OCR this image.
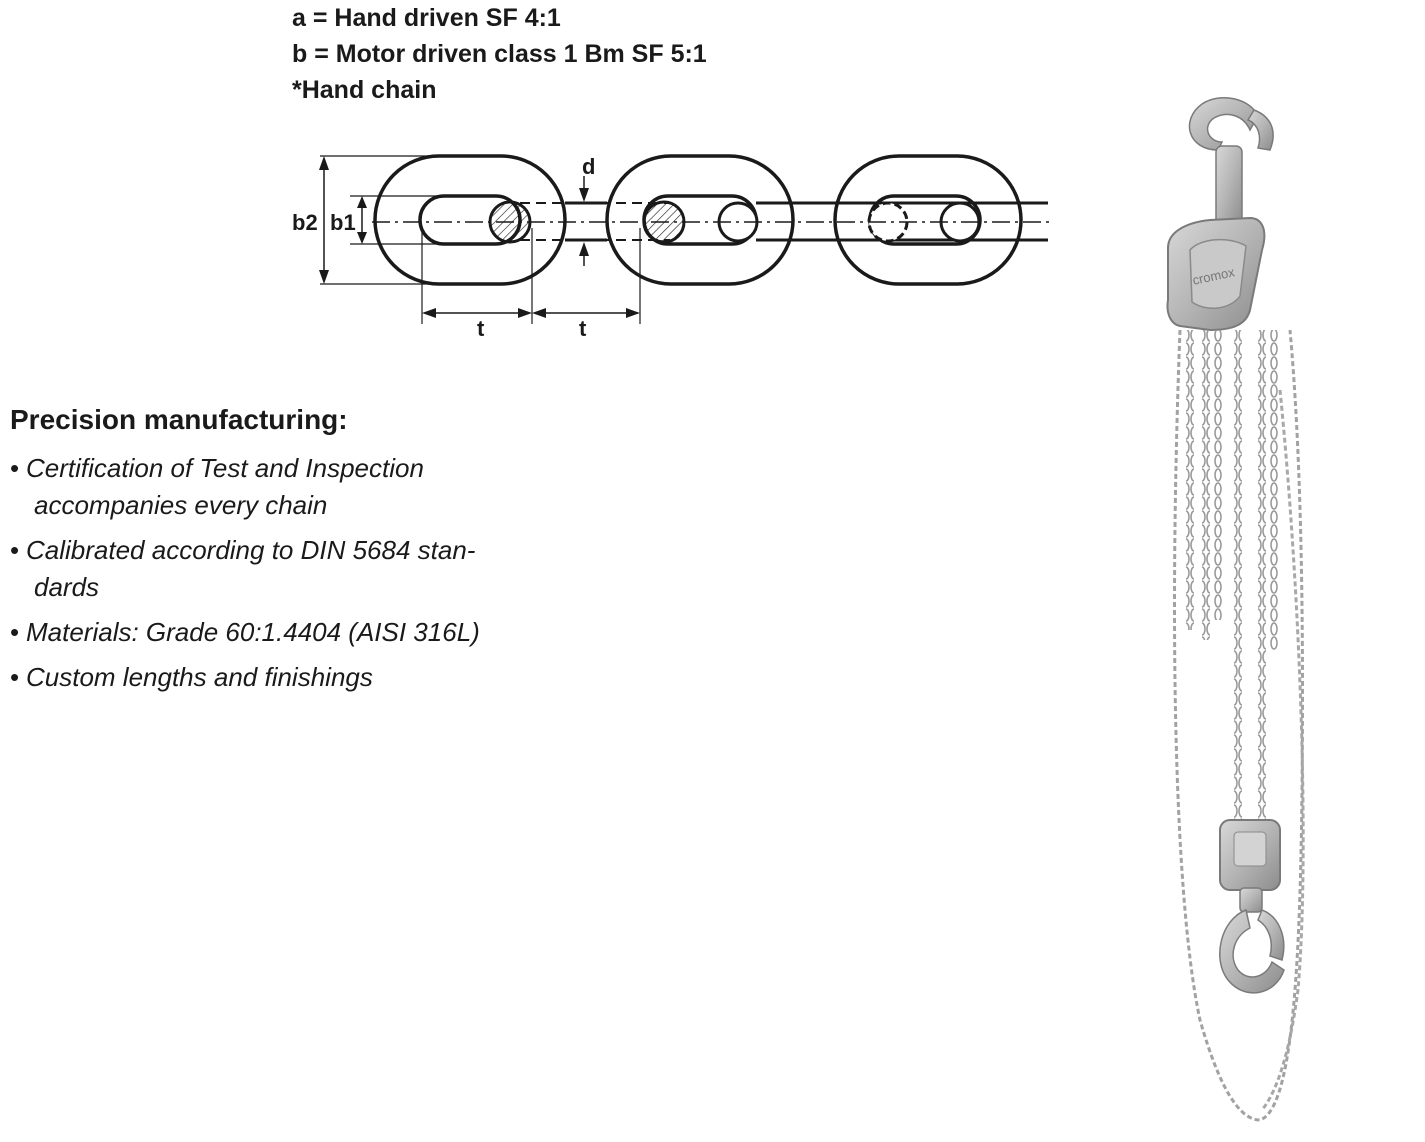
a = Hand driven SF 4:1
b = Motor driven class 1 Bm SF 5:1
*Hand chain
b2 b1
d
t	t
Precision manufacturing:
• Certification of Test and Inspection
accompanies every chain
• Calibrated according to DIN 5684 stan-
dards
• Materials: Grade 60:1.4404 (AISI 316L)
• Custom lengths and finishings
cromox
